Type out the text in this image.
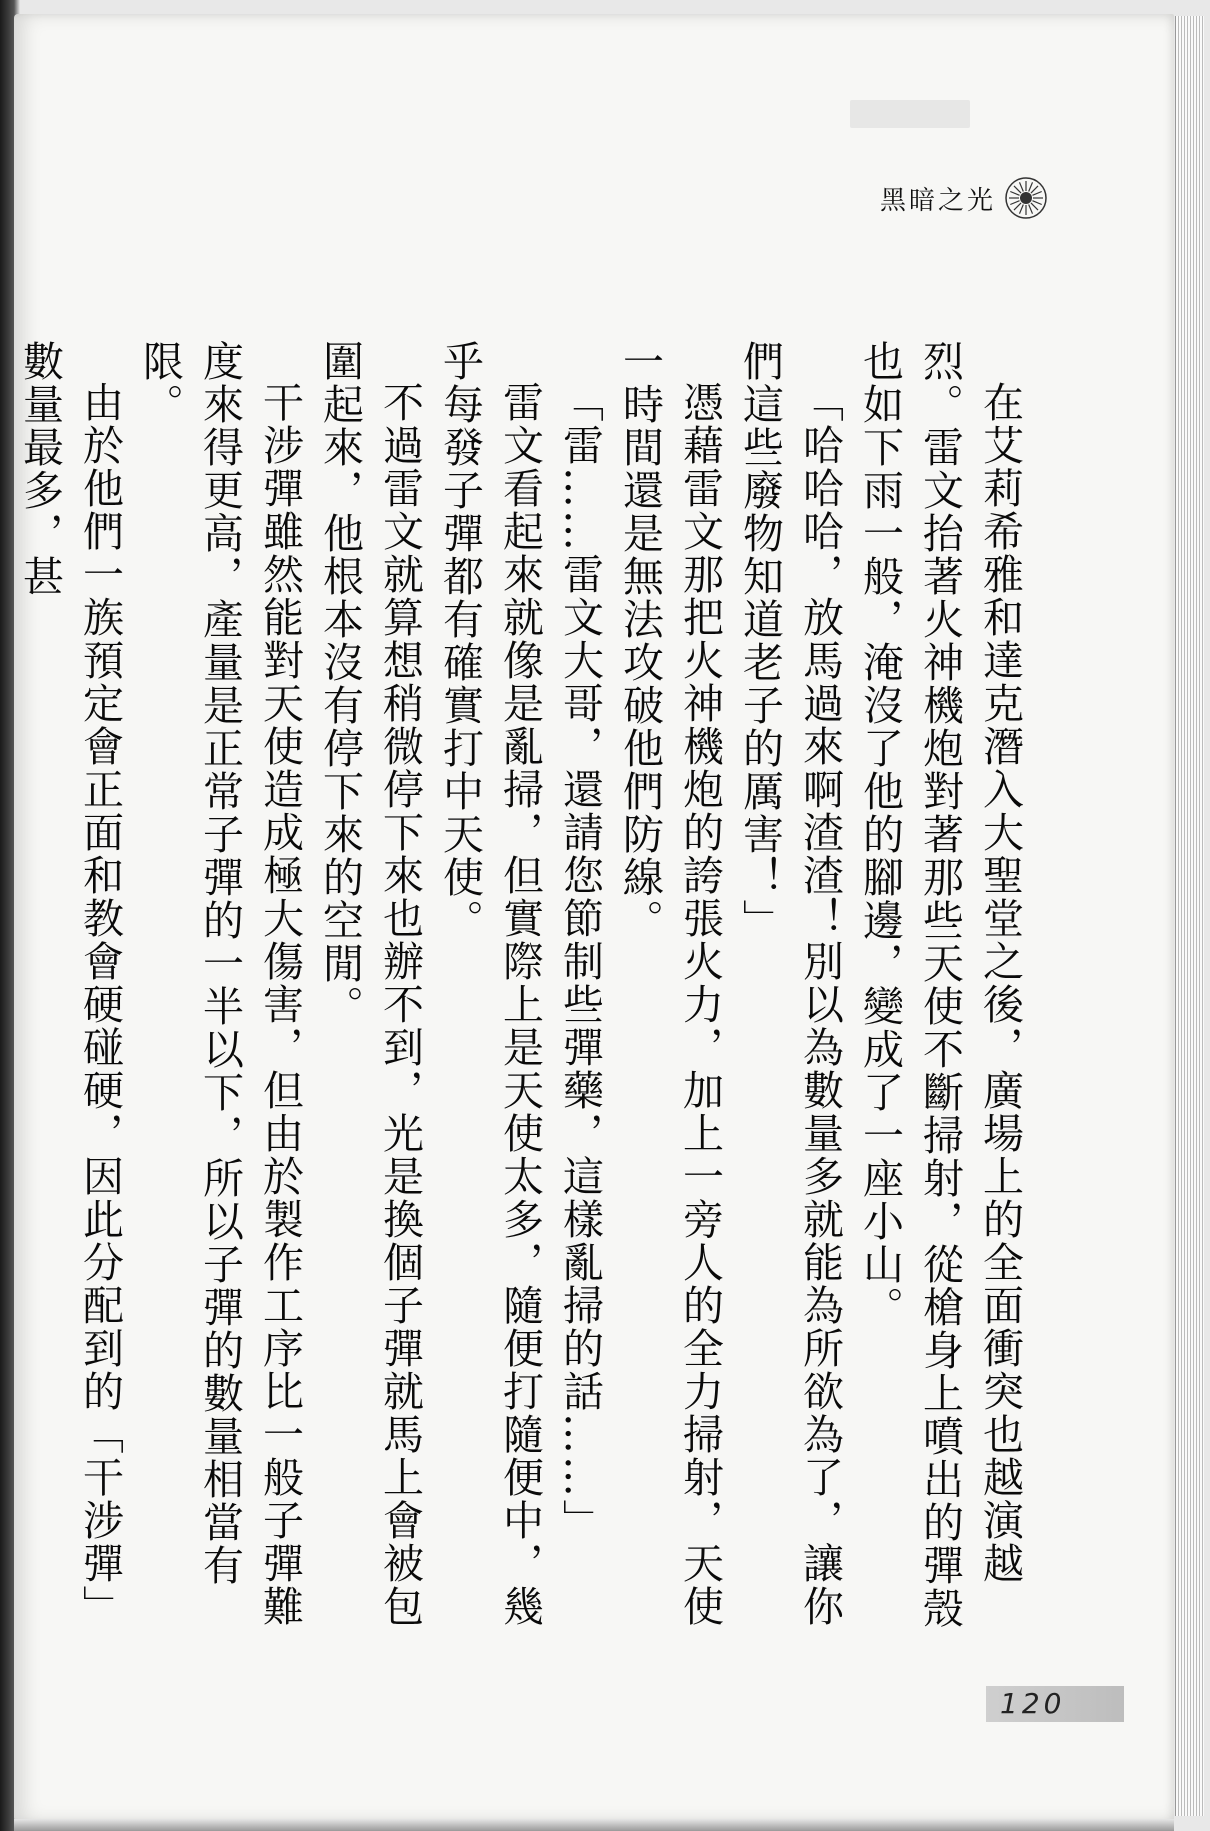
黑暗之光

在艾莉希雅和達克潛入大聖堂之後，廣場上的全面衝突也越演越烈。雷文抬著火神機炮對著那些天使不斷掃射，從槍身上噴出的彈殼也如下雨一般，淹沒了他的腳邊，變成了一座小山。

「哈哈哈，放馬過來啊渣渣！別以為數量多就能為所欲為了，讓你們這些廢物知道老子的厲害！」

憑藉雷文那把火神機炮的誇張火力，加上一旁人的全力掃射，天使一時間還是無法攻破他們防線。

「雷……雷文大哥，還請您節制些彈藥，這樣亂掃的話……」

雷文看起來就像是亂掃，但實際上是天使太多，隨便打隨便中，幾乎每發子彈都有確實打中天使。

不過雷文就算想稍微停下來也辦不到，光是換個子彈就馬上會被包圍起來，他根本沒有停下來的空閒。

干涉彈雖然能對天使造成極大傷害，但由於製作工序比一般子彈難度來得更高，產量是正常子彈的一半以下，所以子彈的數量相當有限。

由於他們一族預定會正面和教會硬碰硬，因此分配到的「干涉彈」數量最多，甚

120
